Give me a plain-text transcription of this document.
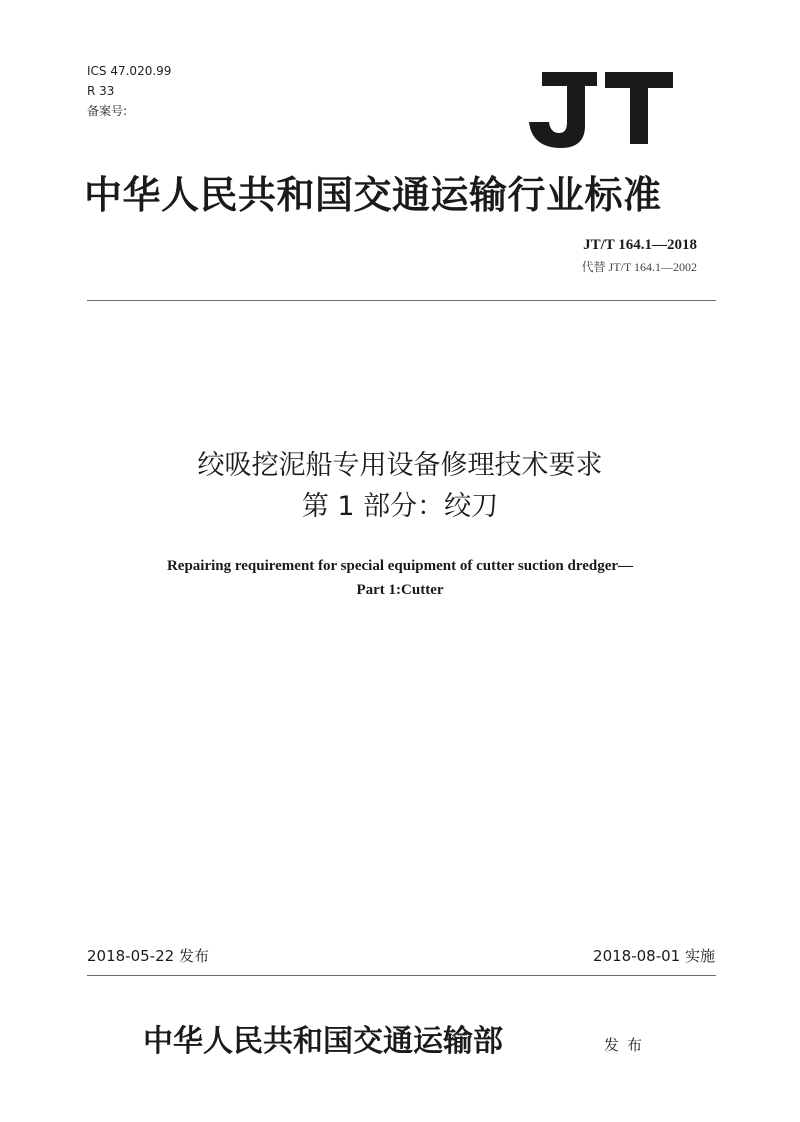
ICS 47.020.99
R 33
备案号:
中华人民共和国交通运输行业标准
JT/T 164.1—2018
代替 JT/T 164.1—2002
绞吸挖泥船专用设备修理技术要求
第 1 部分：绞刀
Repairing requirement for special equipment of cutter suction dredger—
Part 1:Cutter
2018-05-22 发布	2018-08-01 实施
中华人民共和国交通运输部	发布
